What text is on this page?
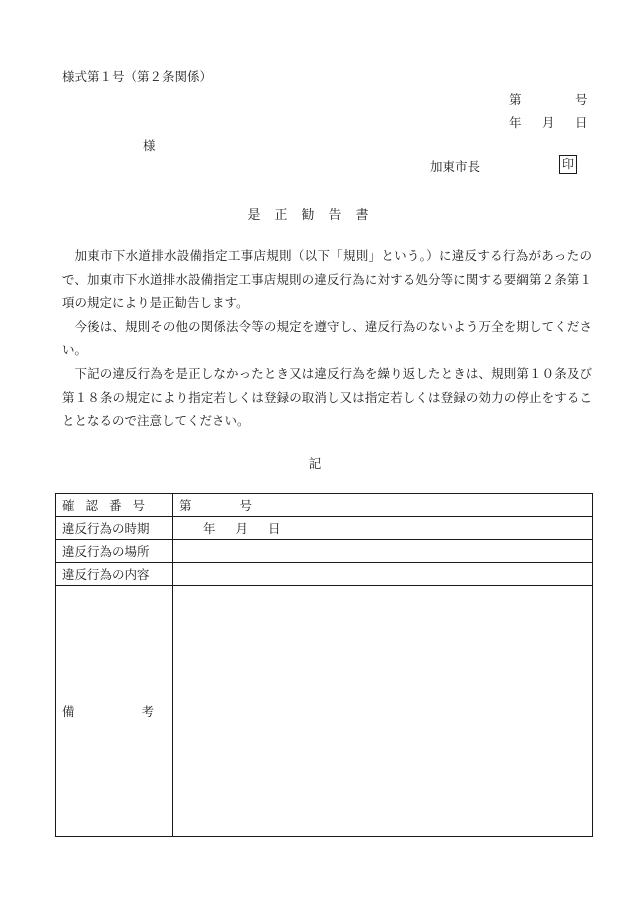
様式第１号（第２条関係）
第	号
年 月 日
様
加東市長	印
是正勧告書

加東市下水道排水設備指定工事店規則（以下「規則」という。）に違反する行為があったので、加東市下水道排水設備指定工事店規則の違反行為に対する処分等に関する要綱第２条第１項の規定により是正勧告します。

今後は、規則その他の関係法令等の規定を遵守し、違反行為のないよう万全を期してください。

下記の違反行為を是正しなかったとき又は違反行為を繰り返したときは、規則第１０条及び第１８条の規定により指定若しくは登録の取消し又は指定若しくは登録の効力の停止をすることとなるので注意してください。

記
確認番号	第 号
違反行為の時期	年 月 日
違反行為の場所	
違反行為の内容	

備 考	
